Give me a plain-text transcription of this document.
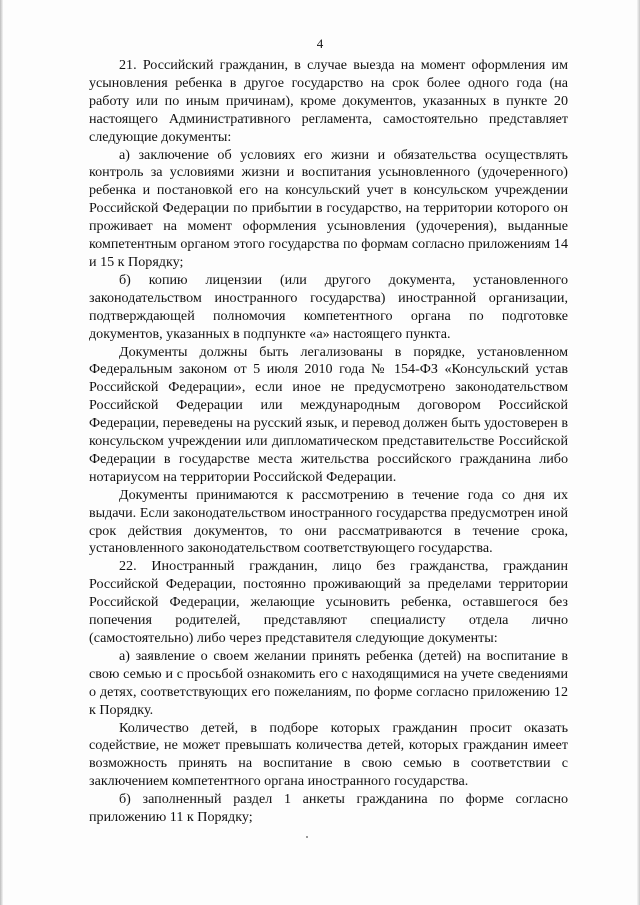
4

21. Российский гражданин, в случае выезда на момент оформления им усыновления ребенка в другое государство на срок более одного года (на работу или по иным причинам), кроме документов, указанных в пункте 20 настоящего Административного регламента, самостоятельно представляет следующие документы:

а) заключение об условиях его жизни и обязательства осуществлять контроль за условиями жизни и воспитания усыновленного (удочеренного) ребенка и постановкой его на консульский учет в консульском учреждении Российской Федерации по прибытии в государство, на территории которого он проживает на момент оформления усыновления (удочерения), выданные компетентным органом этого государства по формам согласно приложениям 14 и 15 к Порядку;

б) копию лицензии (или другого документа, установленного законодательством иностранного государства) иностранной организации, подтверждающей полномочия компетентного органа по подготовке документов, указанных в подпункте «а» настоящего пункта.

Документы должны быть легализованы в порядке, установленном Федеральным законом от 5 июля 2010 года № 154-ФЗ «Консульский устав Российской Федерации», если иное не предусмотрено законодательством Российской Федерации или международным договором Российской Федерации, переведены на русский язык, и перевод должен быть удостоверен в консульском учреждении или дипломатическом представительстве Российской Федерации в государстве места жительства российского гражданина либо нотариусом на территории Российской Федерации.

Документы принимаются к рассмотрению в течение года со дня их выдачи. Если законодательством иностранного государства предусмотрен иной срок действия документов, то они рассматриваются в течение срока, установленного законодательством соответствующего государства.

22. Иностранный гражданин, лицо без гражданства, гражданин Российской Федерации, постоянно проживающий за пределами территории Российской Федерации, желающие усыновить ребенка, оставшегося без попечения родителей, представляют специалисту отдела лично (самостоятельно) либо через представителя следующие документы:

а) заявление о своем желании принять ребенка (детей) на воспитание в свою семью и с просьбой ознакомить его с находящимися на учете сведениями о детях, соответствующих его пожеланиям, по форме согласно приложению 12 к Порядку.

Количество детей, в подборе которых гражданин просит оказать содействие, не может превышать количества детей, которых гражданин имеет возможность принять на воспитание в свою семью в соответствии с заключением компетентного органа иностранного государства.

б) заполненный раздел 1 анкеты гражданина по форме согласно приложению 11 к Порядку;
